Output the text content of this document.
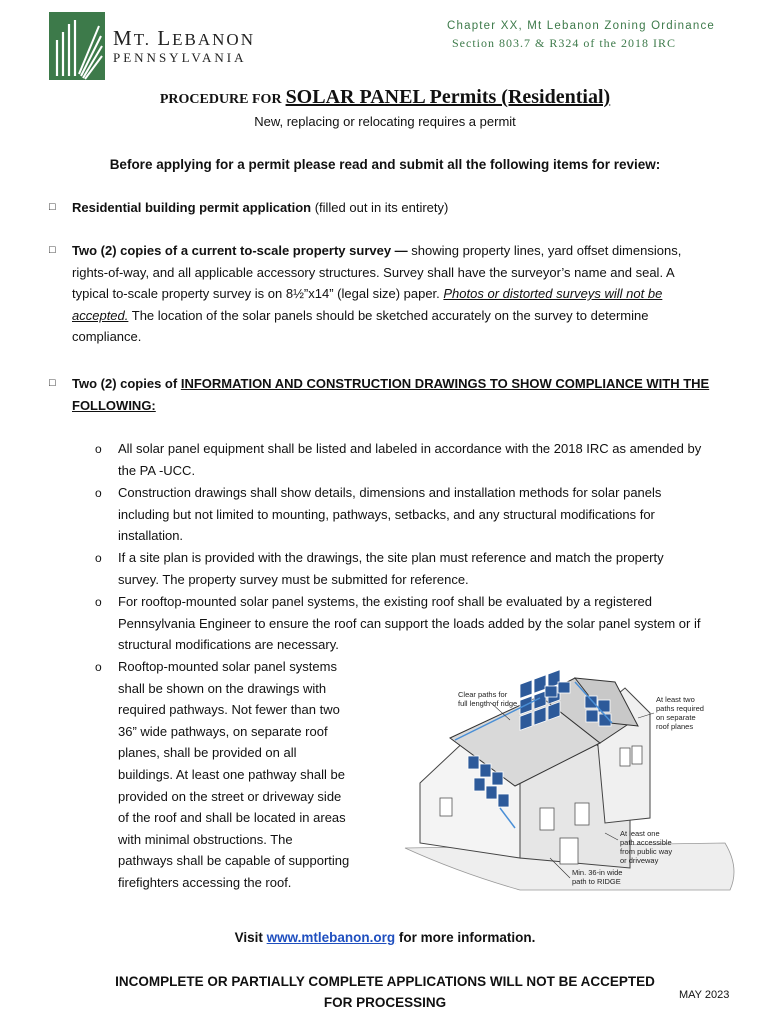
MT. LEBANON
PENNSYLVANIA
Chapter XX, Mt Lebanon Zoning Ordinance
Section 803.7 & R324 of the 2018 IRC
PROCEDURE FOR SOLAR PANEL Permits (Residential)
New, replacing or relocating requires a permit
Before applying for a permit please read and submit all the following items for review:
□ Residential building permit application (filled out in its entirety)
□ Two (2) copies of a current to-scale property survey — showing property lines, yard offset dimensions,
rights-of-way, and all applicable accessory structures. Survey shall have the surveyor’s name and seal. A
typical to-scale property survey is on 8½”x14” (legal size) paper. Photos or distorted surveys will not be
accepted. The location of the solar panels should be sketched accurately on the survey to determine
compliance.
□ Two (2) copies of INFORMATION AND CONSTRUCTION DRAWINGS TO SHOW COMPLIANCE WITH THE
FOLLOWING:
o All solar panel equipment shall be listed and labeled in accordance with the 2018 IRC as amended by
the PA -UCC.
o Construction drawings shall show details, dimensions and installation methods for solar panels
including but not limited to mounting, pathways, setbacks, and any structural modifications for
installation.
o If a site plan is provided with the drawings, the site plan must reference and match the property
survey. The property survey must be submitted for reference.
o For rooftop-mounted solar panel systems, the existing roof shall be evaluated by a registered
Pennsylvania Engineer to ensure the roof can support the loads added by the solar panel system or if
structural modifications are necessary.
o Rooftop-mounted solar panel systems
shall be shown on the drawings with
required pathways. Not fewer than two
36” wide pathways, on separate roof
planes, shall be provided on all
buildings. At least one pathway shall be
provided on the street or driveway side
of the roof and shall be located in areas
with minimal obstructions. The
pathways shall be capable of supporting
firefighters accessing the roof.
Clear paths for full length of ridge	At least two paths required on separate roof planes
At least one path accessible from public way or driveway
Min. 36-in wide path to RIDGE
Visit www.mtlebanon.org for more information.
INCOMPLETE OR PARTIALLY COMPLETE APPLICATIONS WILL NOT BE ACCEPTED
FOR PROCESSING	MAY 2023
